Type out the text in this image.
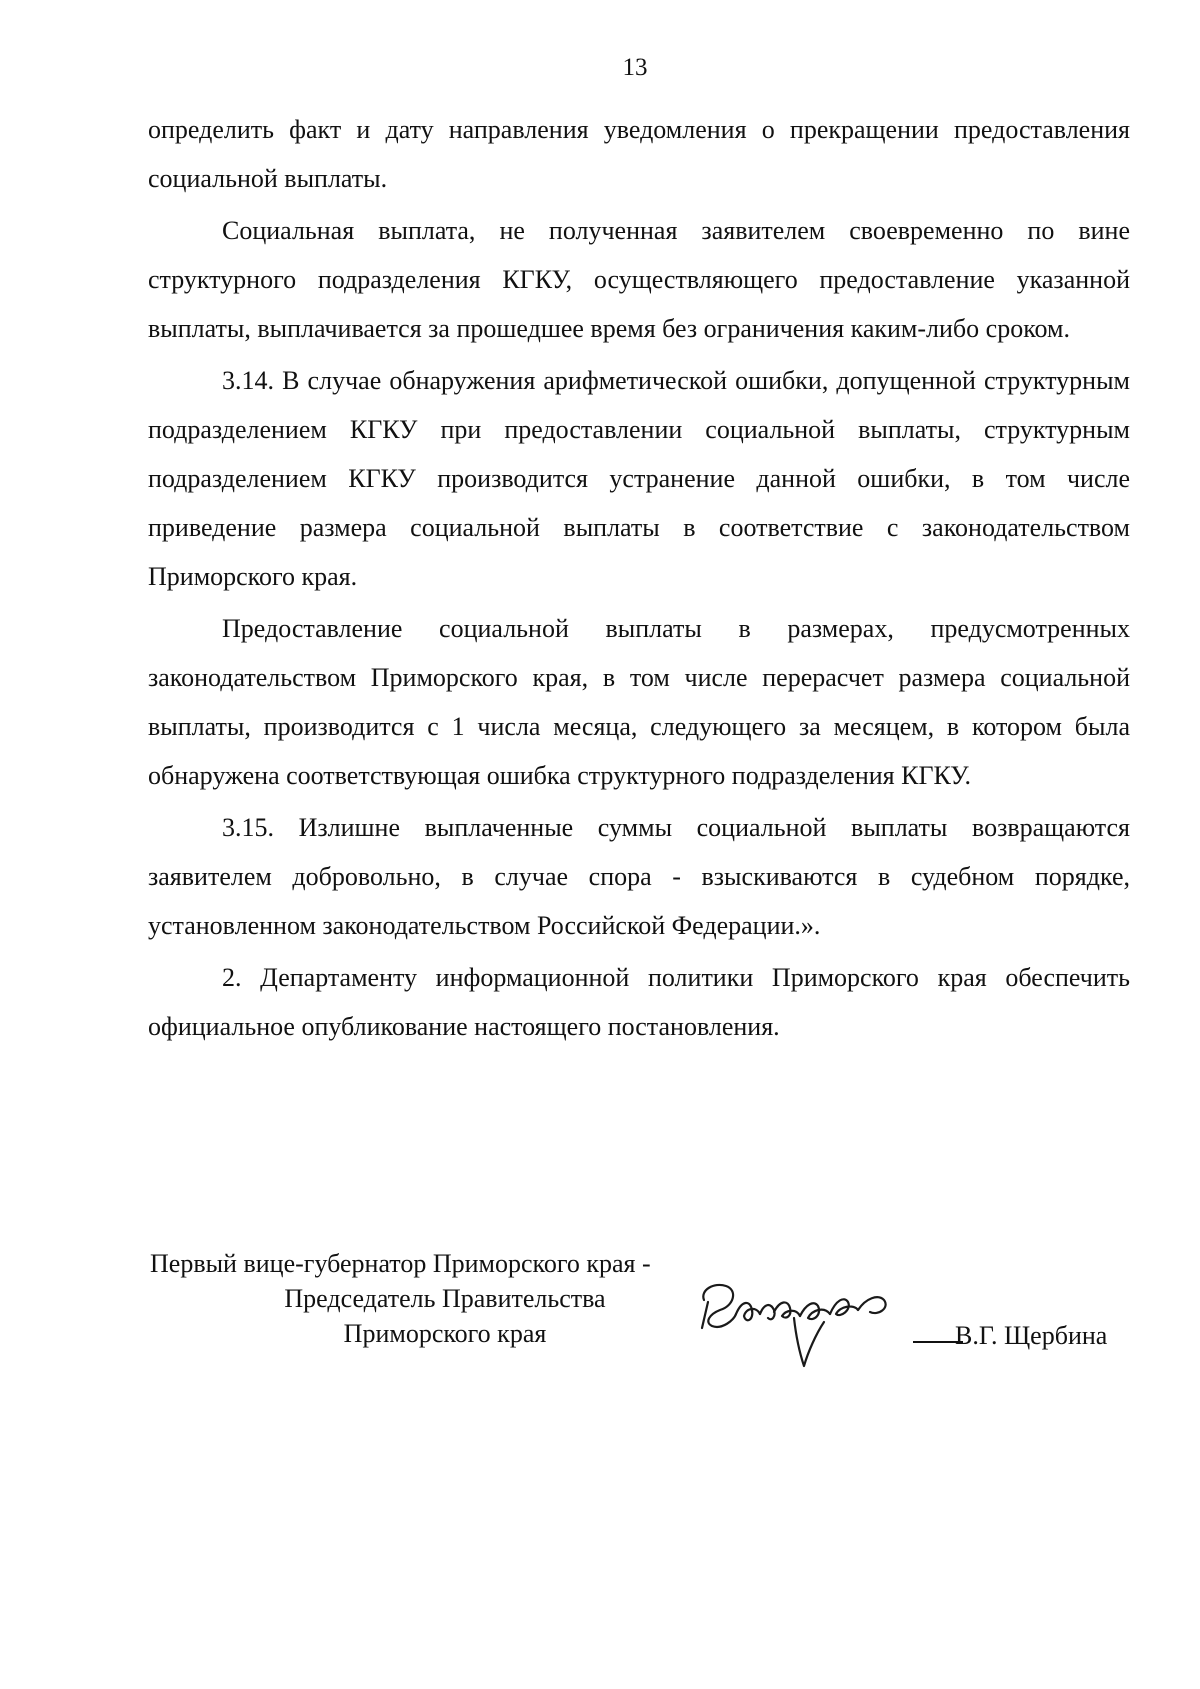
13

определить факт и дату направления уведомления о прекращении предоставления социальной выплаты.

Социальная выплата, не полученная заявителем своевременно по вине структурного подразделения КГКУ, осуществляющего предоставление указанной выплаты, выплачивается за прошедшее время без ограничения каким-либо сроком.

3.14. В случае обнаружения арифметической ошибки, допущенной структурным подразделением КГКУ при предоставлении социальной выплаты, структурным подразделением КГКУ производится устранение данной ошибки, в том числе приведение размера социальной выплаты в соответствие с законодательством Приморского края.

Предоставление социальной выплаты в размерах, предусмотренных законодательством Приморского края, в том числе перерасчет размера социальной выплаты, производится с 1 числа месяца, следующего за месяцем, в котором была обнаружена соответствующая ошибка структурного подразделения КГКУ.

3.15. Излишне выплаченные суммы социальной выплаты возвращаются заявителем добровольно, в случае спора - взыскиваются в судебном порядке, установленном законодательством Российской Федерации.».

2. Департаменту информационной политики Приморского края обеспечить официальное опубликование настоящего постановления.

Первый вице-губернатор Приморского края -
Председатель Правительства
Приморского края	В.Г. Щербина
